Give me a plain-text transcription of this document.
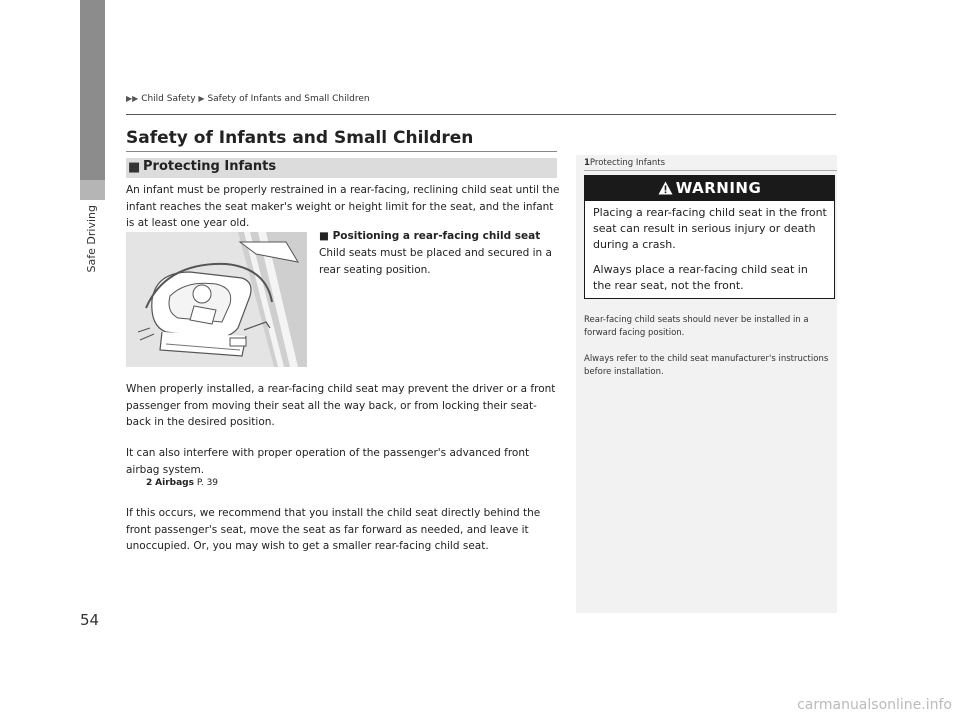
Safe Driving
▶▶ Child Safety ▶ Safety of Infants and Small Children
Safety of Infants and Small Children
■ Protecting Infants

An infant must be properly restrained in a rear-facing, reclining child seat until the infant reaches the seat maker's weight or height limit for the seat, and the infant is at least one year old.

■ Positioning a rear-facing child seat

Child seats must be placed and secured in a rear seating position.

When properly installed, a rear-facing child seat may prevent the driver or a front passenger from moving their seat all the way back, or from locking their seat-back in the desired position.

It can also interfere with proper operation of the passenger's advanced front airbag system.

2 Airbags P. 39

If this occurs, we recommend that you install the child seat directly behind the front passenger's seat, move the seat as far forward as needed, and leave it unoccupied. Or, you may wish to get a smaller rear-facing child seat.

1Protecting Infants
WARNING

Placing a rear-facing child seat in the front seat can result in serious injury or death during a crash.

Always place a rear-facing child seat in the rear seat, not the front.

Rear-facing child seats should never be installed in a forward facing position.

Always refer to the child seat manufacturer's instructions before installation.

54
carmanualsonline.info
